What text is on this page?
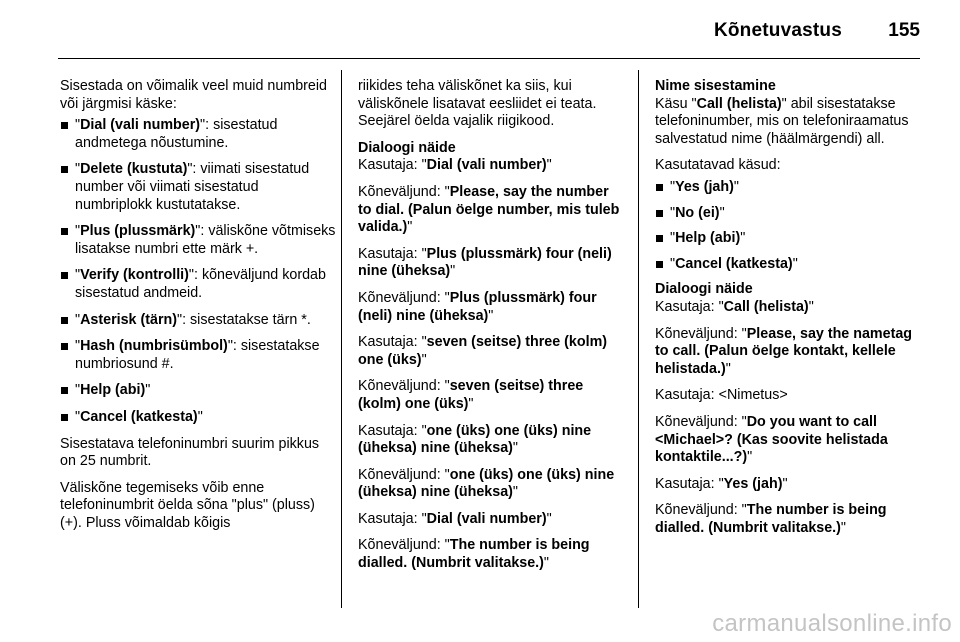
Kõnetuvastus 155

Sisestada on võimalik veel muid numbreid või järgmisi käske:

"Dial (vali number)": sisestatud andmetega nõustumine.
"Delete (kustuta)": viimati sisestatud number või viimati sisestatud numbriplokk kustutatakse.
"Plus (plussmärk)": väliskõne võtmiseks lisatakse numbri ette märk +.
"Verify (kontrolli)": kõneväljund kordab sisestatud andmeid.
"Asterisk (tärn)": sisestatakse tärn *.
"Hash (numbrisümbol)": sisestatakse numbriosund #.
"Help (abi)"
"Cancel (katkesta)"

Sisestatava telefoninumbri suurim pikkus on 25 numbrit.

Väliskõne tegemiseks võib enne telefoninumbrit öelda sõna "plus" (pluss) (+). Pluss võimaldab kõigis

riikides teha väliskõnet ka siis, kui väliskõnele lisatavat eesliidet ei teata. Seejärel öelda vajalik riigikood.

Dialoogi näide

Kasutaja: "Dial (vali number)"

Kõneväljund: "Please, say the number to dial. (Palun öelge number, mis tuleb valida.)"

Kasutaja: "Plus (plussmärk) four (neli) nine (üheksa)"

Kõneväljund: "Plus (plussmärk) four (neli) nine (üheksa)"

Kasutaja: "seven (seitse) three (kolm) one (üks)"

Kõneväljund: "seven (seitse) three (kolm) one (üks)"

Kasutaja: "one (üks) one (üks) nine (üheksa) nine (üheksa)"

Kõneväljund: "one (üks) one (üks) nine (üheksa) nine (üheksa)"

Kasutaja: "Dial (vali number)"

Kõneväljund: "The number is being dialled. (Numbrit valitakse.)"

Nime sisestamine

Käsu "Call (helista)" abil sisestatakse telefoninumber, mis on telefoniraamatus salvestatud nime (häälmärgendi) all.

Kasutatavad käsud:

"Yes (jah)"
"No (ei)"
"Help (abi)"
"Cancel (katkesta)"

Dialoogi näide

Kasutaja: "Call (helista)"

Kõneväljund: "Please, say the nametag to call. (Palun öelge kontakt, kellele helistada.)"

Kasutaja: <Nimetus>

Kõneväljund: "Do you want to call <Michael>? (Kas soovite helistada kontaktile...?)"

Kasutaja: "Yes (jah)"

Kõneväljund: "The number is being dialled. (Numbrit valitakse.)"

carmanualsonline.info
